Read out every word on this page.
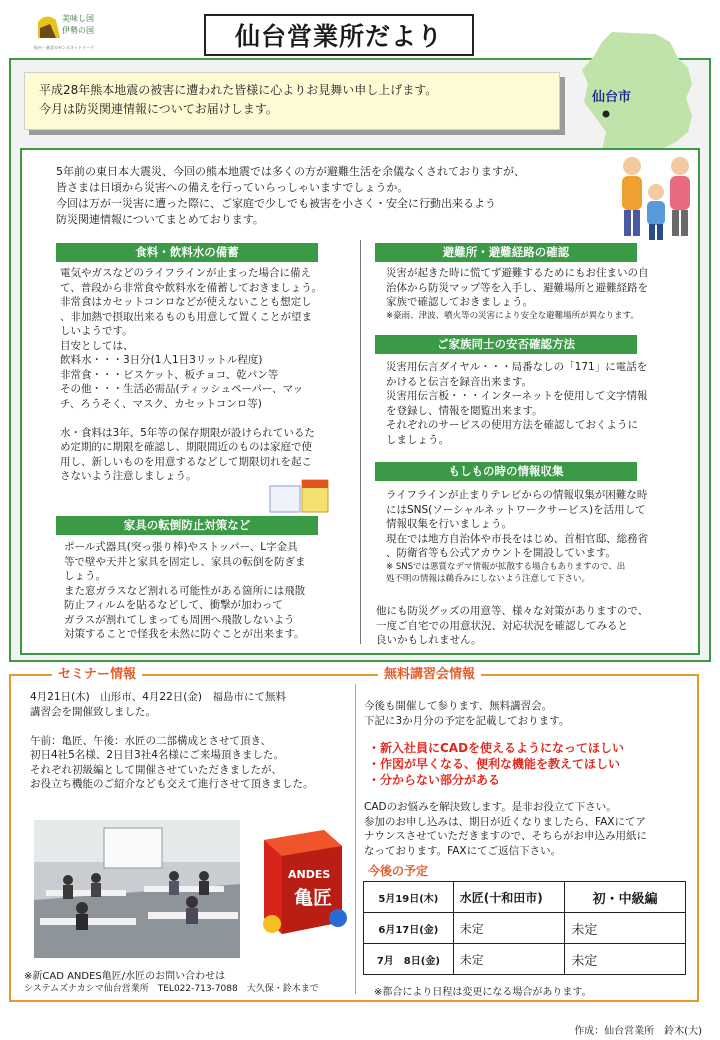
美味し国
伊勢の国
仙台・東北のゼンホネットワーク	仙台営業所だより
仙台市
平成28年熊本地震の被害に遭われた皆様に心よりお見舞い申し上げます。
今月は防災関連情報についてお届けします。
5年前の東日本大震災、今回の熊本地震では多くの方が避難生活を余儀なくされておりますが、
皆さまは日頃から災害への備えを行っていらっしゃいますでしょうか。
今回は万が一災害に遭った際に、ご家庭で少しでも被害を小さく・安全に行動出来るよう
防災関連情報についてまとめております。
食料・飲料水の備蓄
電気やガスなどのライフラインが止まった場合に備え
て、普段から非常食や飲料水を備蓄しておきましょう。
非常食はカセットコンロなどが使えないことも想定し
、非加熱で摂取出来るものも用意して置くことが望ま
しいようです。
目安としては、
飲料水・・・3日分(1人1日3リットル程度)
非常食・・・ビスケット、板チョコ、乾パン等
その他・・・生活必需品(ティッシュペーパー、マッ
チ、ろうそく、マスク、カセットコンロ等)
水・食料は3年、5年等の保存期限が設けられているた
め定期的に期限を確認し、期限間近のものは家庭で使
用し、新しいものを用意するなどして期限切れを起こ
さないよう注意しましょう。
家具の転倒防止対策など
ポール式器具(突っ張り棒)やストッパー、L字金具
等で壁や天井と家具を固定し、家具の転倒を防ぎま
しょう。
また窓ガラスなど割れる可能性がある箇所には飛散
防止フィルムを貼るなどして、衝撃が加わって
ガラスが割れてしまっても周囲へ飛散しないよう
対策することで怪我を未然に防ぐことが出来ます。
避難所・避難経路の確認
災害が起きた時に慌てず避難するためにもお住まいの自
治体から防災マップ等を入手し、避難場所と避難経路を
家族で確認しておきましょう。
※豪雨、津波、噴火等の災害により安全な避難場所が異なります。
ご家族同士の安否確認方法
災害用伝言ダイヤル・・・局番なしの「171」に電話を
かけると伝言を録音出来ます。
災害用伝言板・・・インターネットを使用して文字情報
を登録し、情報を閲覧出来ます。
それぞれのサービスの使用方法を確認しておくように
しましょう。
もしもの時の情報収集
ライフラインが止まりテレビからの情報収集が困難な時
にはSNS(ソーシャルネットワークサービス)を活用して
情報収集を行いましょう。
現在では地方自治体や市長をはじめ、首相官邸、総務省
、防衛省等も公式アカウントを開設しています。
※ SNSでは悪質なデマ情報が拡散する場合もありますので、出
処不明の情報は鵜呑みにしないよう注意して下さい。
他にも防災グッズの用意等、様々な対策がありますので、
一度ご自宅での用意状況、対応状況を確認してみると
良いかもしれません。
セミナー情報	無料講習会情報
4月21日(木)　山形市、4月22日(金)　福島市にて無料
講習会を開催致しました。
午前：亀匠、午後：水匠の二部構成とさせて頂き、
初日4社5名様、2日目3社4名様にご来場頂きました。
それぞれ初級編として開催させていただきましたが、
お役立ち機能のご紹介なども交えて進行させて頂きました。
ANDES
亀匠
※新CAD ANDES亀匠/水匠のお問い合わせは
システムズナカシマ仙台営業所　TEL022-713-7088　大久保・鈴木まで
今後も開催して参ります、無料講習会。
下記に3か月分の予定を記載しております。
・新入社員にCADを使えるようになってほしい
・作図が早くなる、便利な機能を教えてほしい
・分からない部分がある
CADのお悩みを解決致します。是非お役立て下さい。
参加のお申し込みは、期日が近くなりましたら、FAXにてア
ナウンスさせていただきますので、そちらがお申込み用紙に
なっております。FAXにてご返信下さい。
今後の予定
5月19日(木)	水匠(十和田市)	初・中級編
6月17日(金)	未定	未定
7月　8日(金)	未定	未定
※都合により日程は変更になる場合があります。
作成：仙台営業所　鈴木(大)
